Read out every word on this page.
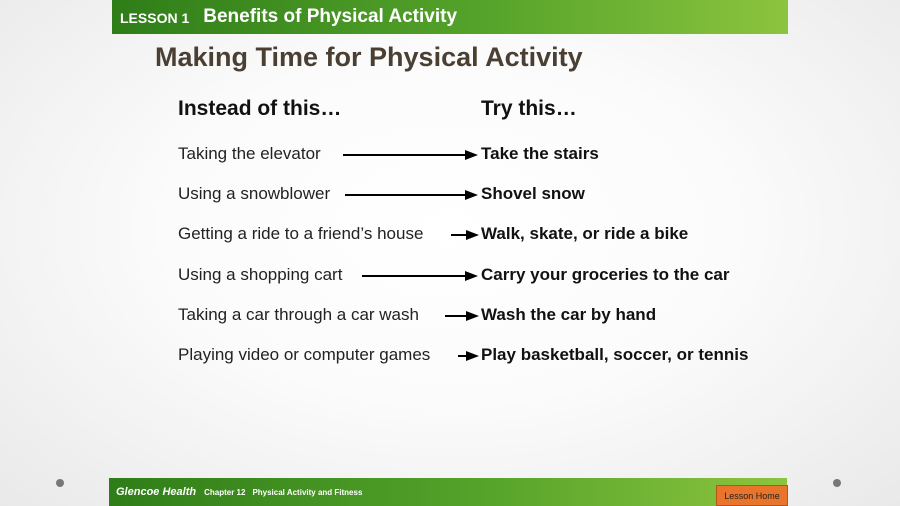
LESSON 1 Benefits of Physical Activity
Making Time for Physical Activity
Instead of this…	Try this…
Taking the elevator	Take the stairs
Using a snowblower	Shovel snow
Getting a ride to a friend’s house	Walk, skate, or ride a bike
Using a shopping cart	Carry your groceries to the car
Taking a car through a car wash	Wash the car by hand
Playing video or computer games	Play basketball, soccer, or tennis
Glencoe Health Chapter 12 Physical Activity and Fitness	Lesson Home
